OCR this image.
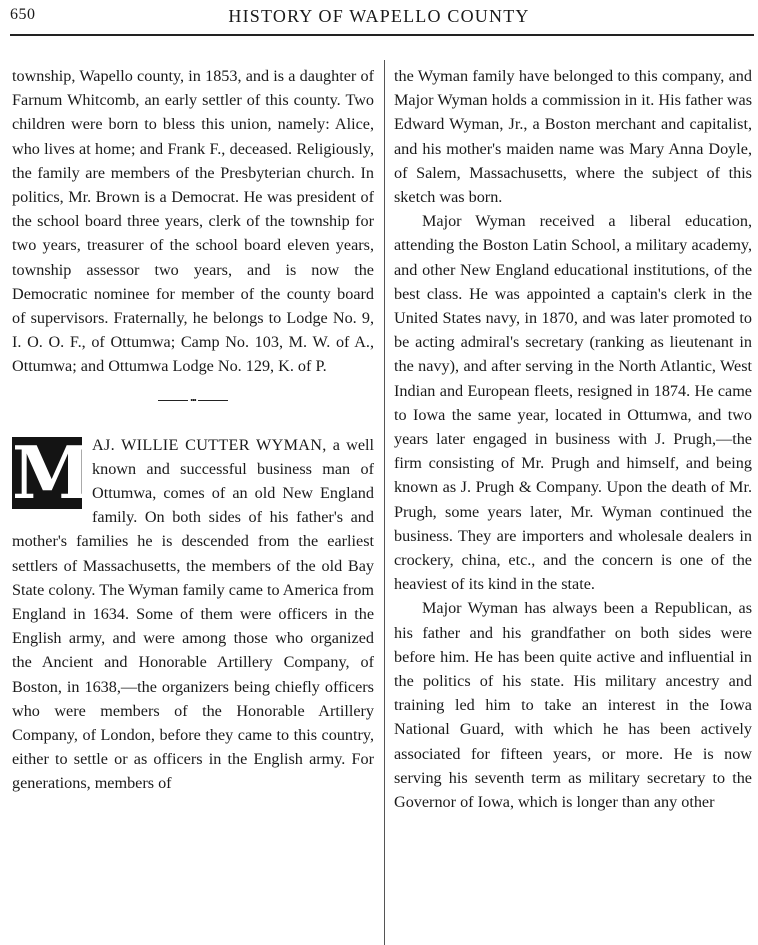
650	HISTORY OF WAPELLO COUNTY

township, Wapello county, in 1853, and is a daughter of Farnum Whitcomb, an early settler of this county. Two children were born to bless this union, namely: Alice, who lives at home; and Frank F., deceased. Religiously, the family are members of the Presbyterian church. In politics, Mr. Brown is a Democrat. He was president of the school board three years, clerk of the township for two years, treasurer of the school board eleven years, township assessor two years, and is now the Democratic nominee for member of the county board of supervisors. Fraternally, he belongs to Lodge No. 9, I. O. O. F., of Ottumwa; Camp No. 103, M. W. of A., Ottumwa; and Ottumwa Lodge No. 129, K. of P.

•••
M AJ. WILLIE CUTTER WYMAN, a well known and successful business man of Ottumwa, comes of an old New England family. On both sides of his father's and mother's families he is descended from the earliest settlers of Massachusetts, the members of the old Bay State colony. The Wyman family came to America from England in 1634. Some of them were officers in the English army, and were among those who organized the Ancient and Honorable Artillery Company, of Boston, in 1638,—the organizers being chiefly officers who were members of the Honorable Artillery Company, of London, before they came to this country, either to settle or as officers in the English army. For generations, members of

the Wyman family have belonged to this company, and Major Wyman holds a commission in it. His father was Edward Wyman, Jr., a Boston merchant and capitalist, and his mother's maiden name was Mary Anna Doyle, of Salem, Massachusetts, where the subject of this sketch was born.

Major Wyman received a liberal education, attending the Boston Latin School, a military academy, and other New England educational institutions, of the best class. He was appointed a captain's clerk in the United States navy, in 1870, and was later promoted to be acting admiral's secretary (ranking as lieutenant in the navy), and after serving in the North Atlantic, West Indian and European fleets, resigned in 1874. He came to Iowa the same year, located in Ottumwa, and two years later engaged in business with J. Prugh,—the firm consisting of Mr. Prugh and himself, and being known as J. Prugh & Company. Upon the death of Mr. Prugh, some years later, Mr. Wyman continued the business. They are importers and wholesale dealers in crockery, china, etc., and the concern is one of the heaviest of its kind in the state.

Major Wyman has always been a Republican, as his father and his grandfather on both sides were before him. He has been quite active and influential in the politics of his state. His military ancestry and training led him to take an interest in the Iowa National Guard, with which he has been actively associated for fifteen years, or more. He is now serving his seventh term as military secretary to the Governor of Iowa, which is longer than any other
